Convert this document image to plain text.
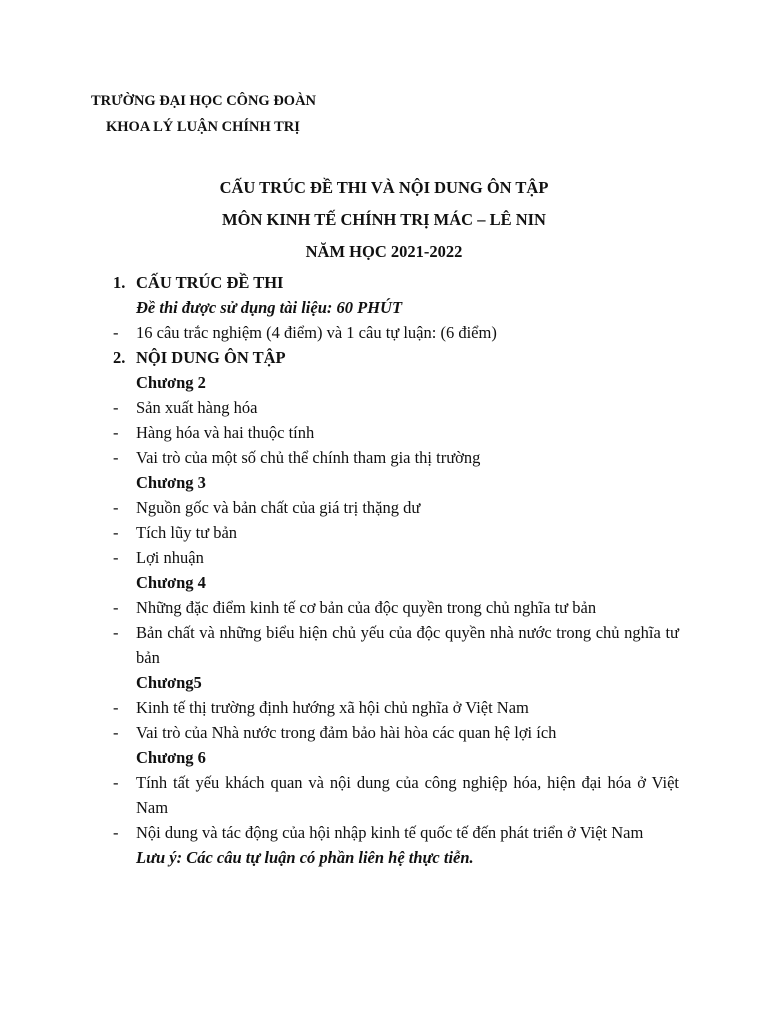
TRƯỜNG ĐẠI HỌC CÔNG ĐOÀN
KHOA LÝ LUẬN CHÍNH TRỊ
CẤU TRÚC ĐỀ THI VÀ NỘI DUNG ÔN TẬP
MÔN KINH TẾ CHÍNH TRỊ MÁC – LÊ NIN
NĂM HỌC 2021-2022
1. CẤU TRÚC ĐỀ THI
Đề thi được sử dụng tài liệu: 60 PHÚT
- 16 câu trắc nghiệm (4 điểm) và 1 câu tự luận: (6 điểm)
2. NỘI DUNG ÔN TẬP
Chương 2
- Sản xuất hàng hóa
- Hàng hóa và hai thuộc tính
- Vai trò của một số chủ thể chính tham gia thị trường
Chương 3
- Nguồn gốc và bản chất của giá trị thặng dư
- Tích lũy tư bản
- Lợi nhuận
Chương 4
- Những đặc điểm kinh tế cơ bản của độc quyền trong chủ nghĩa tư bản
- Bản chất và những biểu hiện chủ yếu của độc quyền nhà nước trong chủ nghĩa tư bản
Chương5
- Kinh tế thị trường định hướng xã hội chủ nghĩa ở Việt Nam
- Vai trò của Nhà nước trong đảm bảo hài hòa các quan hệ lợi ích
Chương 6
- Tính tất yếu khách quan và nội dung của công nghiệp hóa, hiện đại hóa ở Việt Nam
- Nội dung và tác động của hội nhập kinh tế quốc tế đến phát triển ở Việt Nam
Lưu ý: Các câu tự luận có phần liên hệ thực tiễn.
